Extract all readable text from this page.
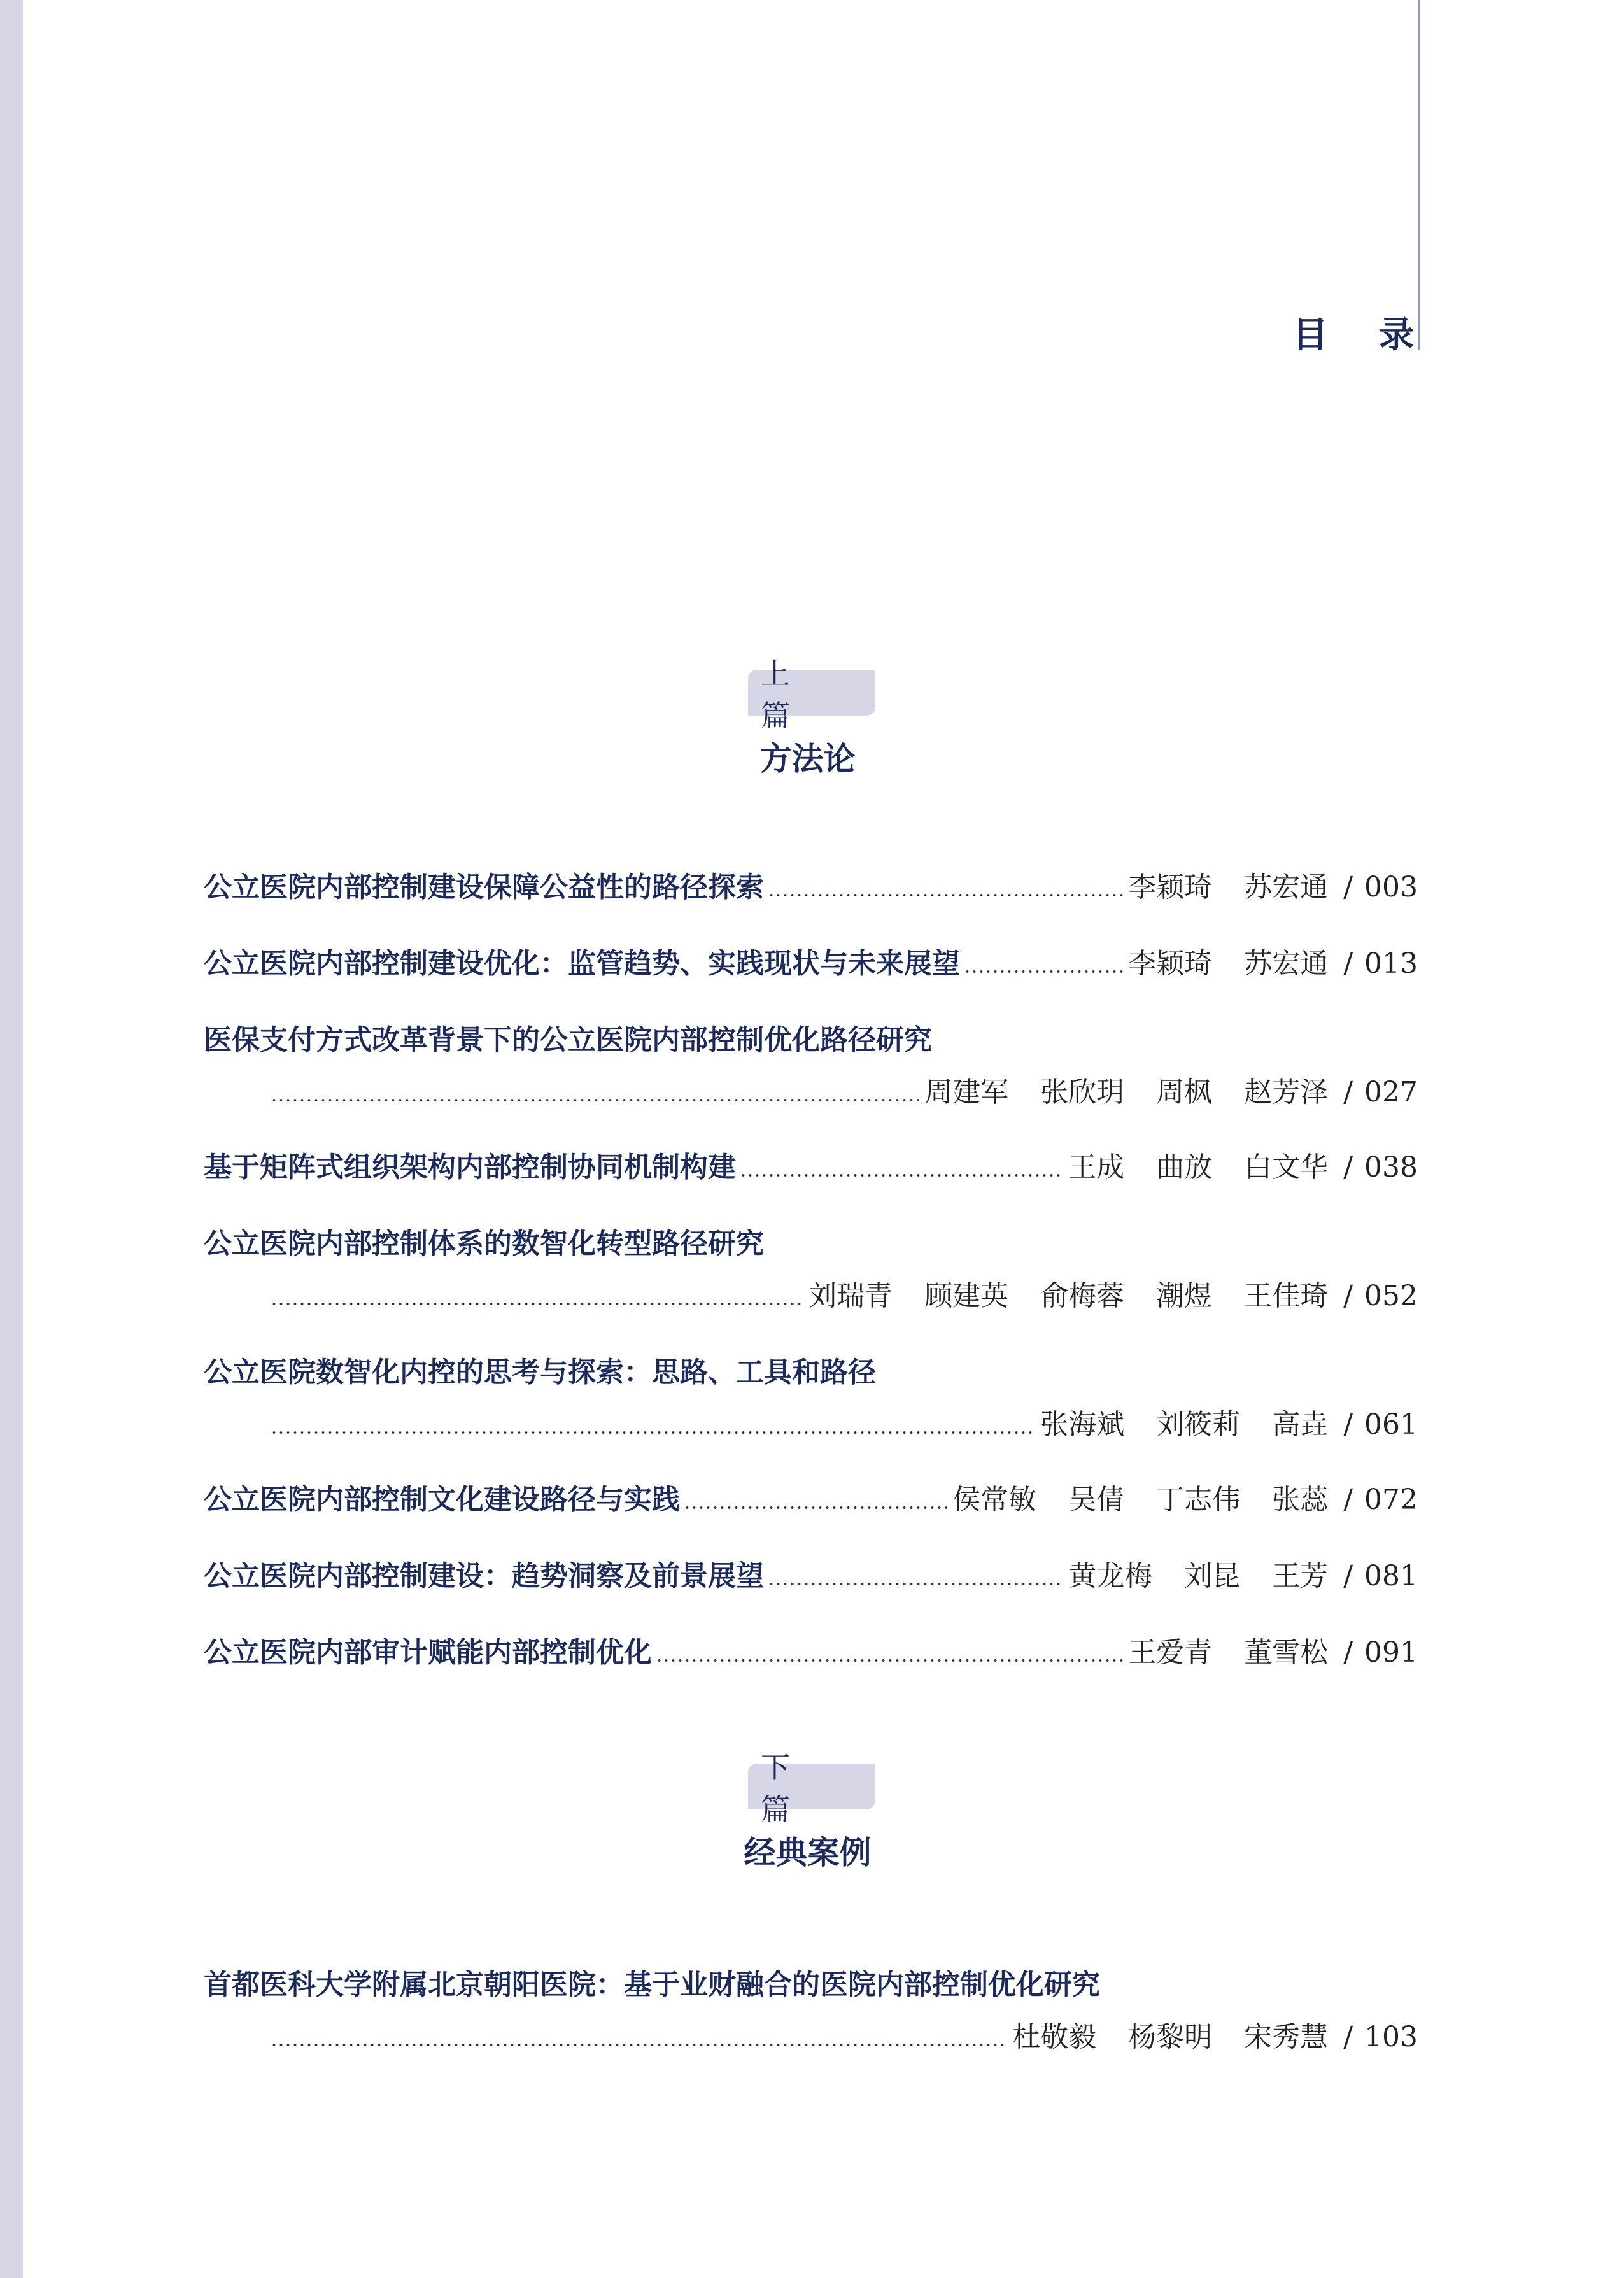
目 录
上 篇
方法论
公立医院内部控制建设保障公益性的路径探索	李颖琦 苏宏通 / 003
公立医院内部控制建设优化：监管趋势、实践现状与未来展望	李颖琦 苏宏通 / 013
医保支付方式改革背景下的公立医院内部控制优化路径研究
周建军 张欣玥 周枫 赵芳泽 / 027
基于矩阵式组织架构内部控制协同机制构建	王成 曲放 白文华 / 038
公立医院内部控制体系的数智化转型路径研究
刘瑞青 顾建英 俞梅蓉 潮煜 王佳琦 / 052
公立医院数智化内控的思考与探索：思路、工具和路径
张海斌 刘筱莉 高垚 / 061
公立医院内部控制文化建设路径与实践	侯常敏 吴倩 丁志伟 张蕊 / 072
公立医院内部控制建设：趋势洞察及前景展望	黄龙梅 刘昆 王芳 / 081
公立医院内部审计赋能内部控制优化	王爱青 董雪松 / 091
下 篇
经典案例
首都医科大学附属北京朝阳医院：基于业财融合的医院内部控制优化研究
杜敬毅 杨黎明 宋秀慧 / 103
